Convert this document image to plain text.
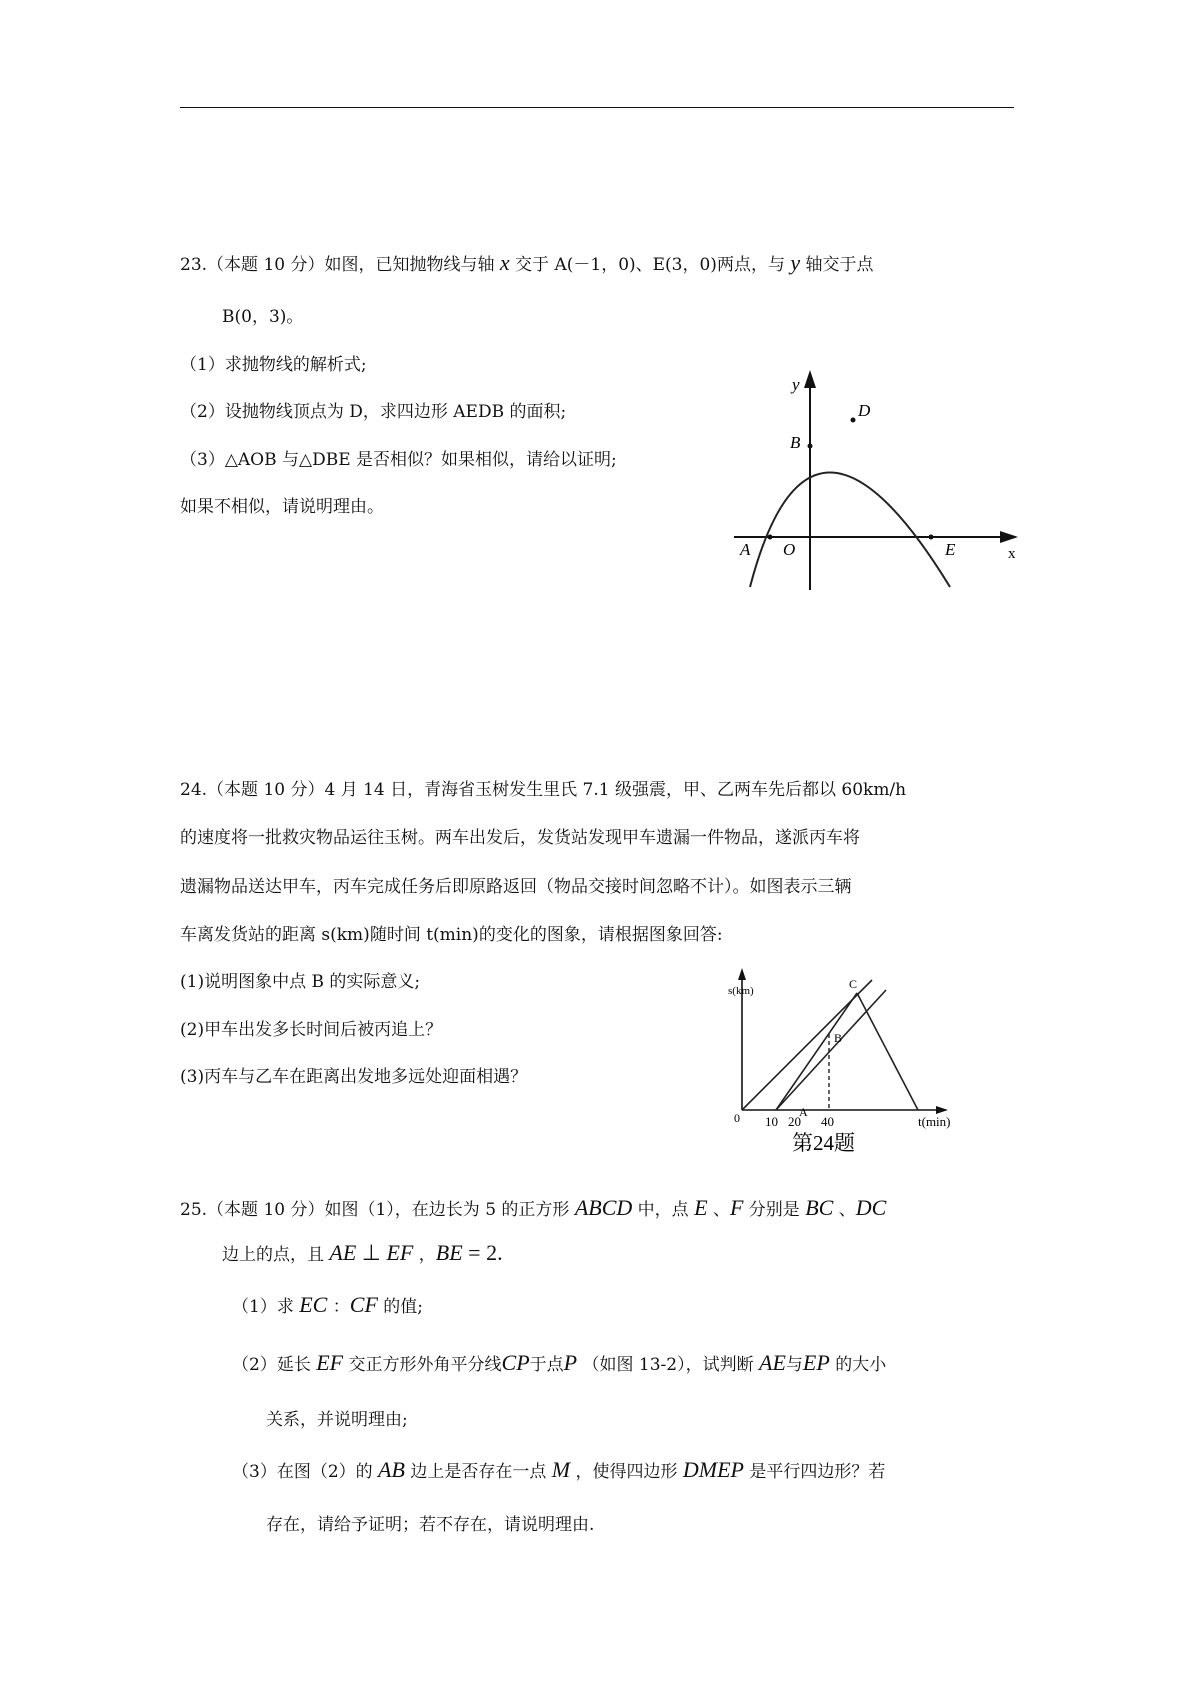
23.（本题 10 分）如图，已知抛物线与轴 x 交于 A(－1，0)、E(3，0)两点，与 y 轴交于点
B(0，3)。
（1）求抛物线的解析式;
（2）设抛物线顶点为 D，求四边形 AEDB 的面积;
（3）△AOB 与△DBE 是否相似？如果相似，请给以证明;
如果不相似，请说明理由。
y
x
A O	E
B
D
24.（本题 10 分）4 月 14 日，青海省玉树发生里氏 7.1 级强震，甲、乙两车先后都以 60km/h
的速度将一批救灾物品运往玉树。两车出发后，发货站发现甲车遗漏一件物品，遂派丙车将
遗漏物品送达甲车，丙车完成任务后即原路返回（物品交接时间忽略不计）。如图表示三辆
车离发货站的距离 s(km)随时间 t(min)的变化的图象，请根据图象回答:
(1)说明图象中点 B 的实际意义;
(2)甲车出发多长时间后被丙追上？
(3)丙车与乙车在距离出发地多远处迎面相遇？
s(km)
t(min)
0 10 20 40
A
B
C
第24题
25.（本题 10 分）如图（1），在边长为 5 的正方形 ABCD 中，点 E 、F 分别是 BC 、DC
边上的点，且 AE ⊥ EF ，BE = 2.
（1）求 EC ：CF 的值;
（2）延长 EF 交正方形外角平分线CP于点P （如图 13-2），试判断 AE与EP 的大小
关系，并说明理由;
（3）在图（2）的 AB 边上是否存在一点 M ，使得四边形 DMEP 是平行四边形？若
存在，请给予证明；若不存在，请说明理由.
